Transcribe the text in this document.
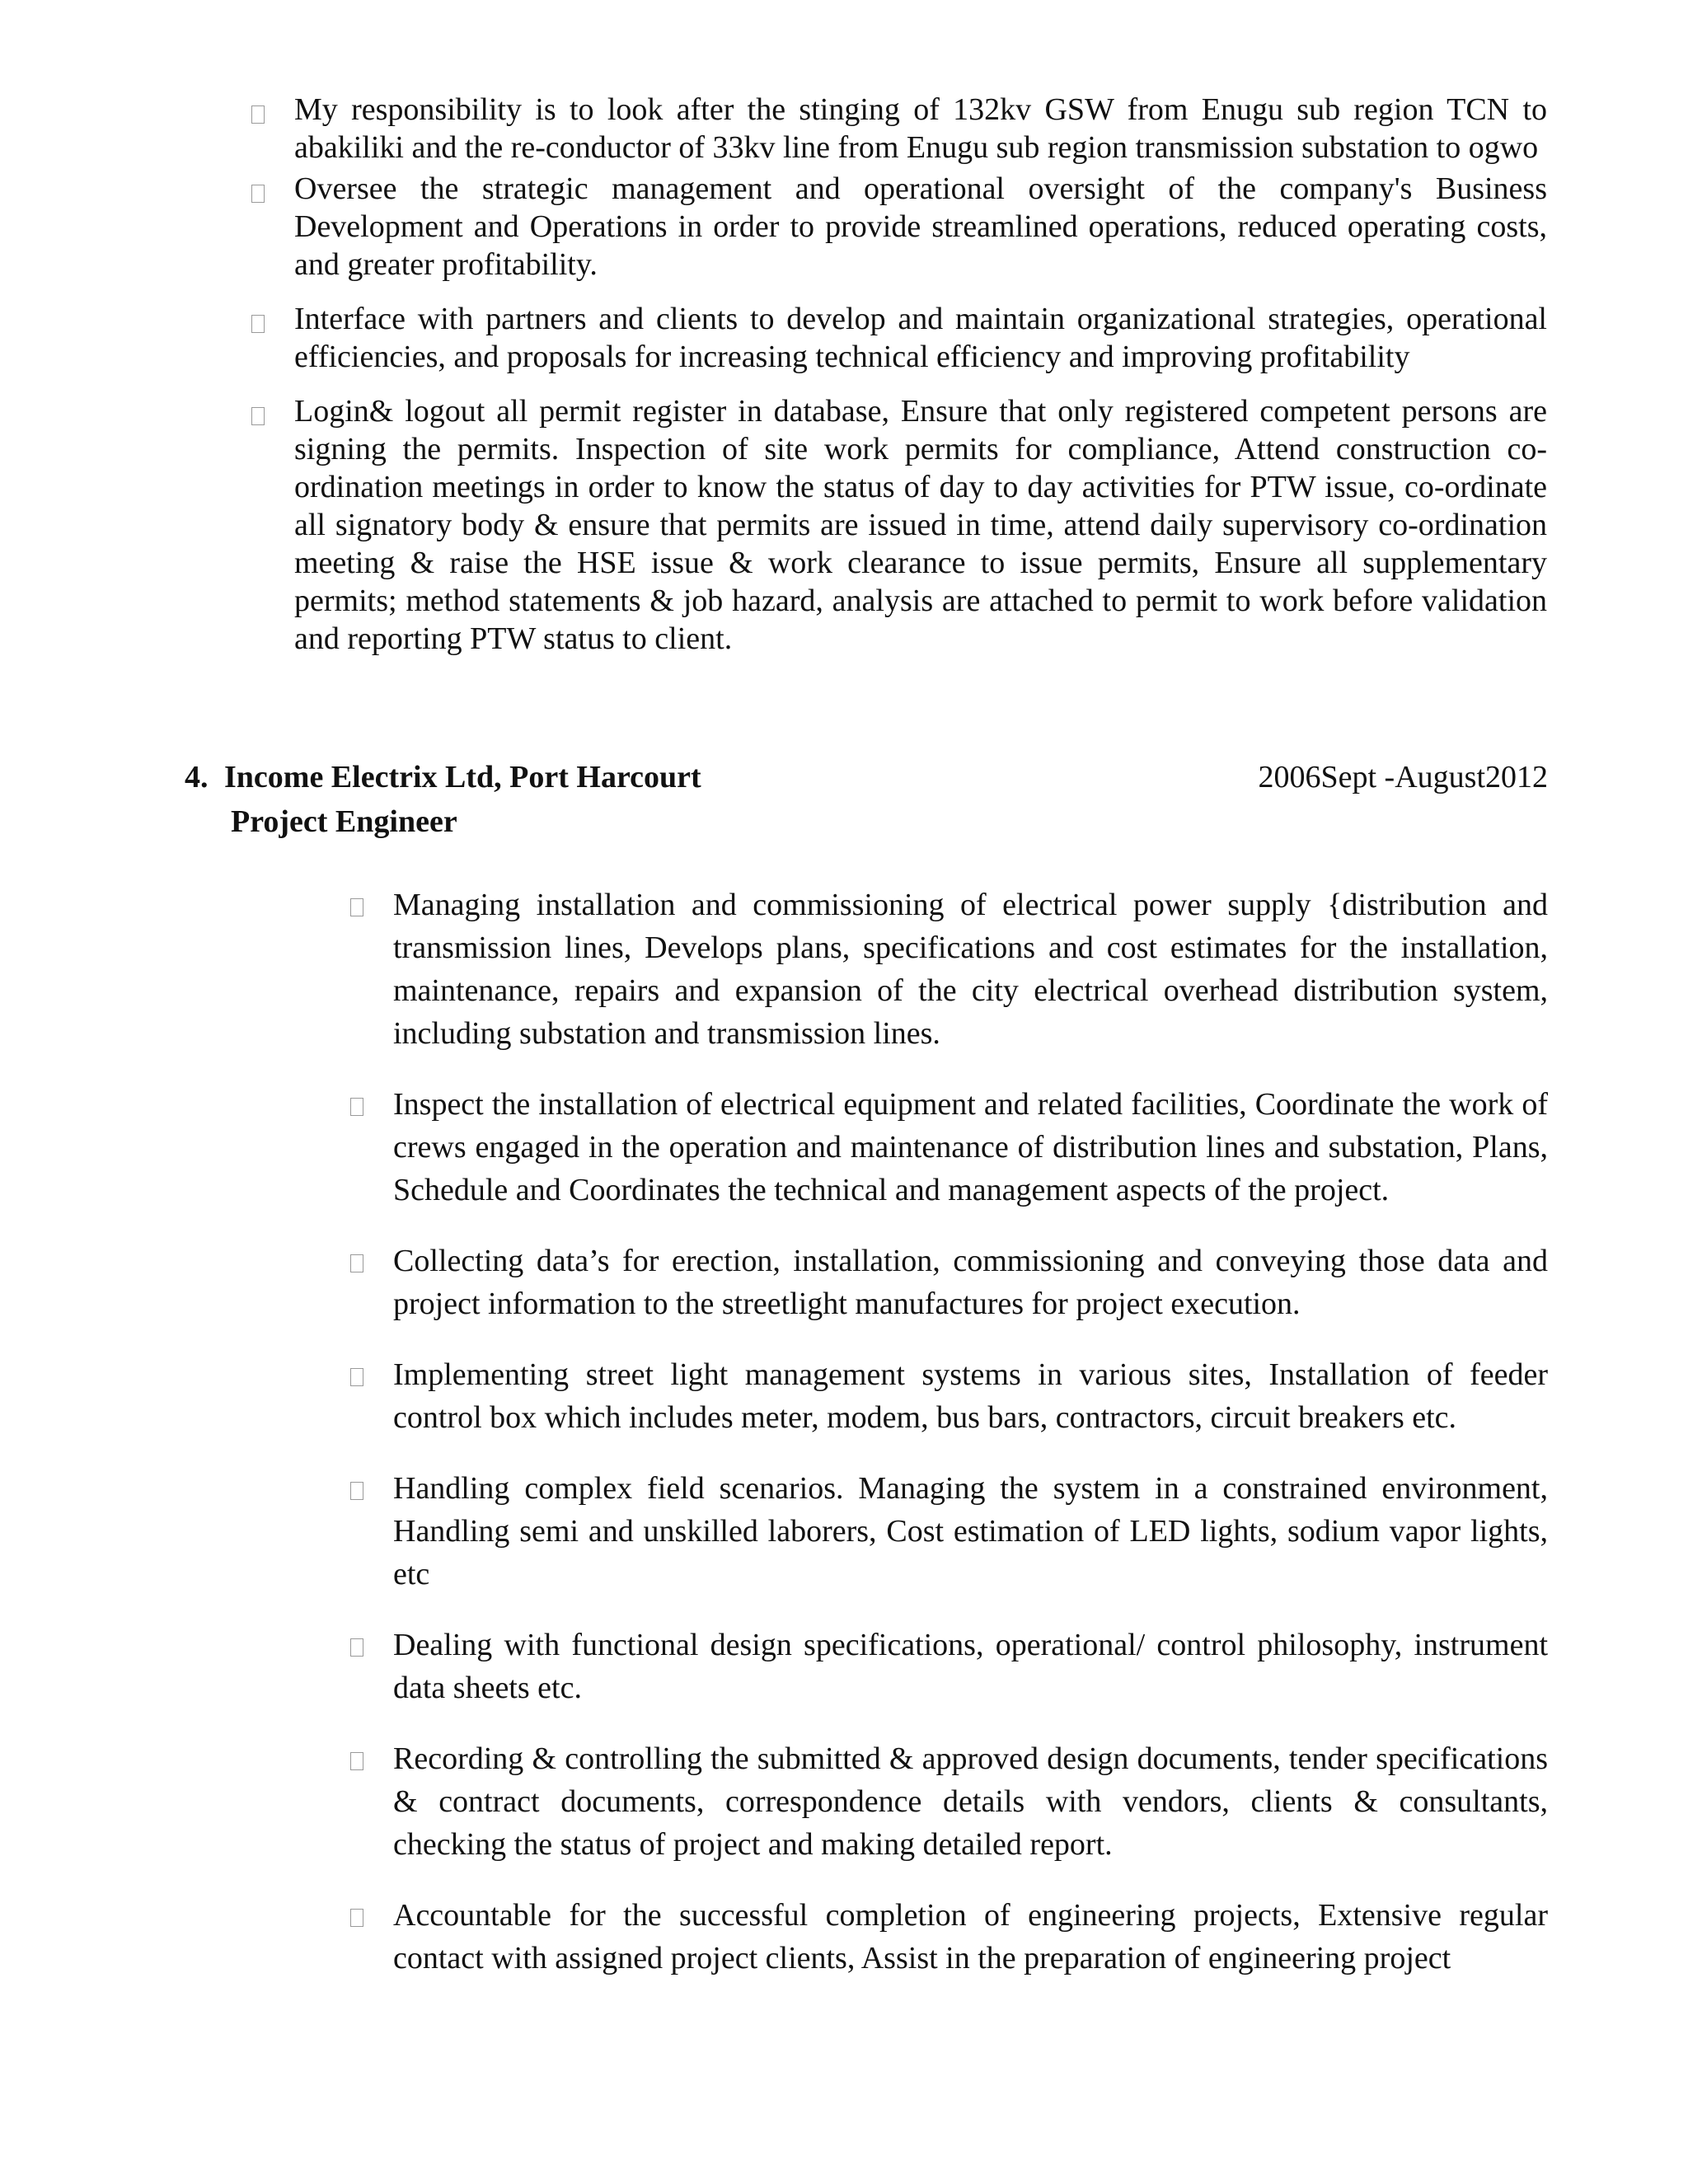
My responsibility is to look after the stinging of 132kv GSW from Enugu sub region TCN to abakiliki and the re-conductor of 33kv line from Enugu sub region transmission substation to ogwo
Oversee the strategic management and operational oversight of the company's Business Development and Operations in order to provide streamlined operations, reduced operating costs, and greater profitability.
Interface with partners and clients to develop and maintain organizational strategies, operational efficiencies, and proposals for increasing technical efficiency and improving profitability
Login& logout all permit register in database, Ensure that only registered competent persons are signing the permits. Inspection of site work permits for compliance, Attend construction co-ordination meetings in order to know the status of day to day activities for PTW issue, co-ordinate all signatory body & ensure that permits are issued in time, attend daily supervisory co-ordination meeting & raise the HSE issue & work clearance to issue permits, Ensure all supplementary permits; method statements & job hazard, analysis are attached to permit to work before validation and reporting PTW status to client.
4. Income Electrix Ltd, Port Harcourt	2006Sept -August2012
Project Engineer
Managing installation and commissioning of electrical power supply {distribution and transmission lines, Develops plans, specifications and cost estimates for the installation, maintenance, repairs and expansion of the city electrical overhead distribution system, including substation and transmission lines.
Inspect the installation of electrical equipment and related facilities, Coordinate the work of crews engaged in the operation and maintenance of distribution lines and substation, Plans, Schedule and Coordinates the technical and management aspects of the project.
Collecting data’s for erection, installation, commissioning and conveying those data and project information to the streetlight manufactures for project execution.
Implementing street light management systems in various sites, Installation of feeder control box which includes meter, modem, bus bars, contractors, circuit breakers etc.
Handling complex field scenarios. Managing the system in a constrained environment, Handling semi and unskilled laborers, Cost estimation of LED lights, sodium vapor lights, etc
Dealing with functional design specifications, operational/ control philosophy, instrument data sheets etc.
Recording & controlling the submitted & approved design documents, tender specifications & contract documents, correspondence details with vendors, clients & consultants, checking the status of project and making detailed report.
Accountable for the successful completion of engineering projects, Extensive regular contact with assigned project clients, Assist in the preparation of engineering project
